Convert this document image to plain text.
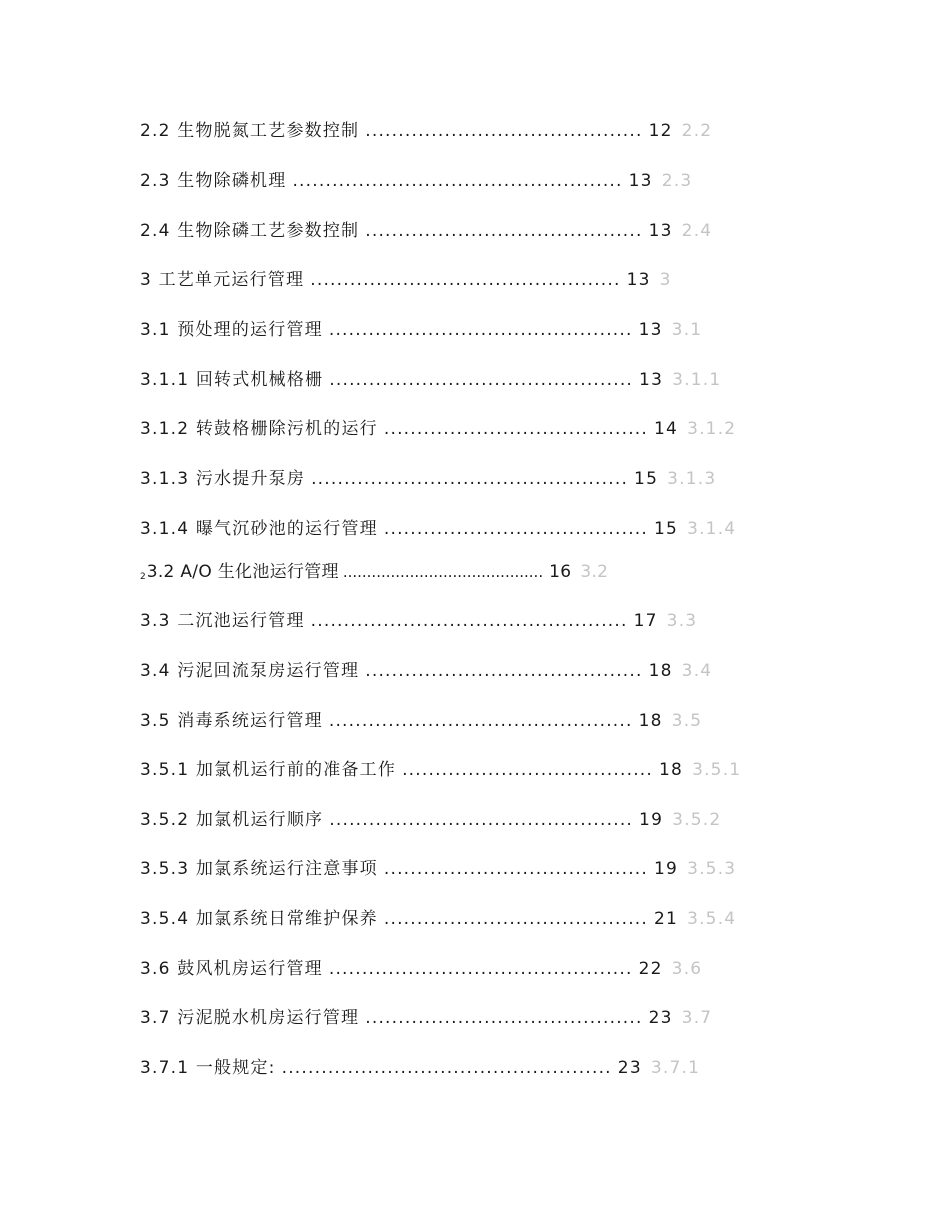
2.2 生物脱氮工艺参数控制 .......................................... 12 2.2
2.3 生物除磷机理 .................................................. 13 2.3
2.4 生物除磷工艺参数控制 .......................................... 13 2.4
3 工艺单元运行管理 ............................................... 13 3
3.1 预处理的运行管理 .............................................. 13 3.1
3.1.1 回转式机械格栅 .............................................. 13 3.1.1
3.1.2 转鼓格栅除污机的运行 ........................................ 14 3.1.2
3.1.3 污水提升泵房 ................................................ 15 3.1.3
3.1.4 曝气沉砂池的运行管理 ........................................ 15 3.1.4
23.2 A/O 生化池运行管理 .......................................... 16 3.2
3.3 二沉池运行管理 ................................................ 17 3.3
3.4 污泥回流泵房运行管理 .......................................... 18 3.4
3.5 消毒系统运行管理 .............................................. 18 3.5
3.5.1 加氯机运行前的准备工作 ...................................... 18 3.5.1
3.5.2 加氯机运行顺序 .............................................. 19 3.5.2
3.5.3 加氯系统运行注意事项 ........................................ 19 3.5.3
3.5.4 加氯系统日常维护保养 ........................................ 21 3.5.4
3.6 鼓风机房运行管理 .............................................. 22 3.6
3.7 污泥脱水机房运行管理 .......................................... 23 3.7
3.7.1 一般规定: .................................................. 23 3.7.1
